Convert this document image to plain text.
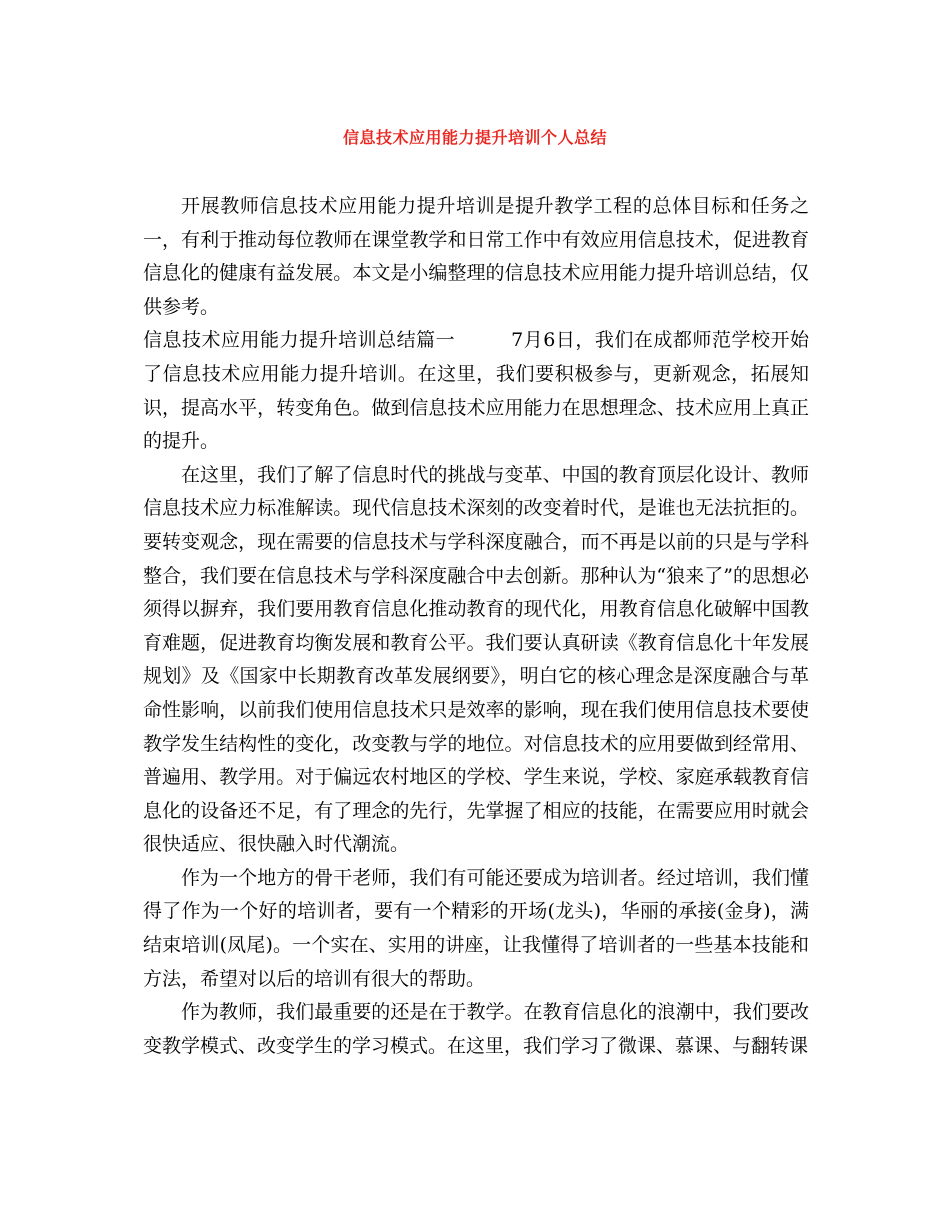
信息技术应用能力提升培训个人总结

开展教师信息技术应用能力提升培训是提升教学工程的总体目标和任务之一，有利于推动每位教师在课堂教学和日常工作中有效应用信息技术，促进教育信息化的健康有益发展。本文是小编整理的信息技术应用能力提升培训总结，仅供参考。

信息技术应用能力提升培训总结篇一	7月6日，我们在成都师范学校开始了信息技术应用能力提升培训。在这里，我们要积极参与，更新观念，拓展知识，提高水平，转变角色。做到信息技术应用能力在思想理念、技术应用上真正的提升。

在这里，我们了解了信息时代的挑战与变革、中国的教育顶层化设计、教师信息技术应力标准解读。现代信息技术深刻的改变着时代，是谁也无法抗拒的。要转变观念，现在需要的信息技术与学科深度融合，而不再是以前的只是与学科整合，我们要在信息技术与学科深度融合中去创新。那种认为“狼来了”的思想必须得以摒弃，我们要用教育信息化推动教育的现代化，用教育信息化破解中国教育难题，促进教育均衡发展和教育公平。我们要认真研读《教育信息化十年发展规划》及《国家中长期教育改革发展纲要》，明白它的核心理念是深度融合与革命性影响，以前我们使用信息技术只是效率的影响，现在我们使用信息技术要使教学发生结构性的变化，改变教与学的地位。对信息技术的应用要做到经常用、普遍用、教学用。对于偏远农村地区的学校、学生来说，学校、家庭承载教育信息化的设备还不足，有了理念的先行，先掌握了相应的技能，在需要应用时就会很快适应、很快融入时代潮流。

作为一个地方的骨干老师，我们有可能还要成为培训者。经过培训，我们懂得了作为一个好的培训者，要有一个精彩的开场(龙头)，华丽的承接(金身)，满结束培训(凤尾)。一个实在、实用的讲座，让我懂得了培训者的一些基本技能和方法，希望对以后的培训有很大的帮助。

作为教师，我们最重要的还是在于教学。在教育信息化的浪潮中，我们要改变教学模式、改变学生的学习模式。在这里，我们学习了微课、慕课、与翻转课
